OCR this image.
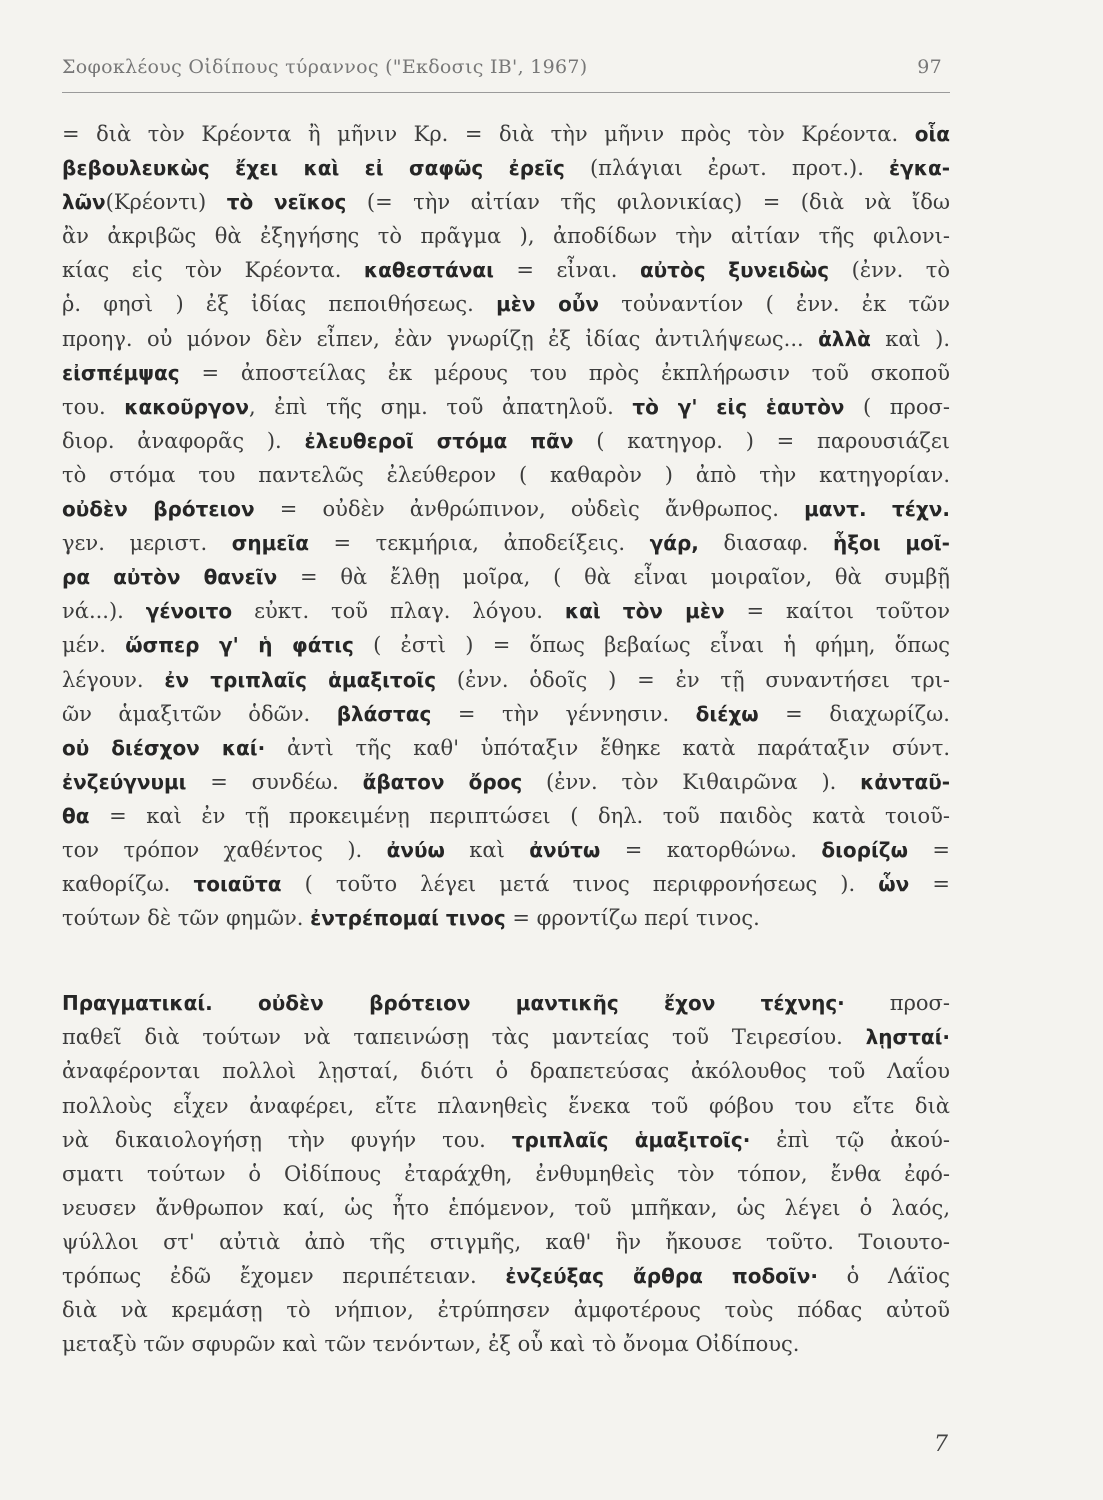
Σοφοκλέους Οἰδίπους τύραννος ("Εκδοσις ΙΒ', 1967)	97
= διὰ τὸν Κρέοντα ἢ μῆνιν Κρ. = διὰ τὴν μῆνιν πρὸς τὸν Κρέοντα. οἷα
βεβουλευκὼς ἔχει καὶ εἰ σαφῶς ἐρεῖς (πλάγιαι ἐρωτ. προτ.). ἐγκα-
λῶν(Κρέοντι) τὸ νεῖκος (= τὴν αἰτίαν τῆς φιλονικίας) = (διὰ νὰ ἴδω
ἂν ἀκριβῶς θὰ ἐξηγήσης τὸ πρᾶγμα ), ἀποδίδων τὴν αἰτίαν τῆς φιλονι-
κίας εἰς τὸν Κρέοντα. καθεστάναι = εἶναι. αὐτὸς ξυνειδὼς (ἐνν. τὸ
ῥ. φησὶ ) ἐξ ἰδίας πεποιθήσεως. μὲν οὖν τοὐναντίον ( ἐνν. ἐκ τῶν
προηγ. οὐ μόνον δὲν εἶπεν, ἐὰν γνωρίζῃ ἐξ ἰδίας ἀντιλήψεως... ἀλλὰ καὶ ).
εἰσπέμψας = ἀποστείλας ἐκ μέρους του πρὸς ἐκπλήρωσιν τοῦ σκοποῦ
του. κακοῦργον, ἐπὶ τῆς σημ. τοῦ ἀπατηλοῦ. τὸ γ' εἰς ἑαυτὸν ( προσ-
διορ. ἀναφορᾶς ). ἐλευθεροῖ στόμα πᾶν ( κατηγορ. ) = παρουσιάζει
τὸ στόμα του παντελῶς ἐλεύθερον ( καθαρὸν ) ἀπὸ τὴν κατηγορίαν.
οὐδὲν βρότειον = οὐδὲν ἀνθρώπινον, οὐδεὶς ἄνθρωπος. μαντ. τέχν.
γεν. μεριστ. σημεῖα = τεκμήρια, ἀποδείξεις. γάρ, διασαφ. ἧξοι μοῖ-
ρα αὐτὸν θανεῖν = θὰ ἔλθῃ μοῖρα, ( θὰ εἶναι μοιραῖον, θὰ συμβῇ
νά...). γένοιτο εὐκτ. τοῦ πλαγ. λόγου. καὶ τὸν μὲν = καίτοι τοῦτον
μέν. ὥσπερ γ' ἡ φάτις ( ἐστὶ ) = ὅπως βεβαίως εἶναι ἡ φήμη, ὅπως
λέγουν. ἐν τριπλαῖς ἁμαξιτοῖς (ἐνν. ὁδοῖς ) = ἐν τῇ συναντήσει τρι-
ῶν ἁμαξιτῶν ὁδῶν. βλάστας = τὴν γέννησιν. διέχω = διαχωρίζω.
οὐ διέσχον καί· ἀντὶ τῆς καθ' ὑπόταξιν ἔθηκε κατὰ παράταξιν σύντ.
ἐνζεύγνυμι = συνδέω. ἄβατον ὄρος (ἐνν. τὸν Κιθαιρῶνα ). κἀνταῦ-
θα = καὶ ἐν τῇ προκειμένῃ περιπτώσει ( δηλ. τοῦ παιδὸς κατὰ τοιοῦ-
τον τρόπον χαθέντος ). ἀνύω καὶ ἀνύτω = κατορθώνω. διορίζω =
καθορίζω. τοιαῦτα ( τοῦτο λέγει μετά τινος περιφρονήσεως ). ὧν =
τούτων δὲ τῶν φημῶν. ἐντρέπομαί τινος = φροντίζω περί τινος.
Πραγματικαί. οὐδὲν βρότειον μαντικῆς ἔχον τέχνης· προσ-
παθεῖ διὰ τούτων νὰ ταπεινώσῃ τὰς μαντείας τοῦ Τειρεσίου. λῃσταί·
ἀναφέρονται πολλοὶ λῃσταί, διότι ὁ δραπετεύσας ἀκόλουθος τοῦ Λαΐου
πολλοὺς εἶχεν ἀναφέρει, εἴτε πλανηθεὶς ἕνεκα τοῦ φόβου του εἴτε διὰ
νὰ δικαιολογήσῃ τὴν φυγήν του. τριπλαῖς ἁμαξιτοῖς· ἐπὶ τῷ ἀκού-
σματι τούτων ὁ Οἰδίπους ἐταράχθη, ἐνθυμηθεὶς τὸν τόπον, ἔνθα ἐφό-
νευσεν ἄνθρωπον καί, ὡς ἦτο ἑπόμενον, τοῦ μπῆκαν, ὡς λέγει ὁ λαός,
ψύλλοι στ' αὐτιὰ ἀπὸ τῆς στιγμῆς, καθ' ἣν ἤκουσε τοῦτο. Τοιουτο-
τρόπως ἐδῶ ἔχομεν περιπέτειαν. ἐνζεύξας ἄρθρα ποδοῖν· ὁ Λάϊος
διὰ νὰ κρεμάσῃ τὸ νήπιον, ἐτρύπησεν ἀμφοτέρους τοὺς πόδας αὐτοῦ
μεταξὺ τῶν σφυρῶν καὶ τῶν τενόντων, ἐξ οὗ καὶ τὸ ὄνομα Οἰδίπους.
7
